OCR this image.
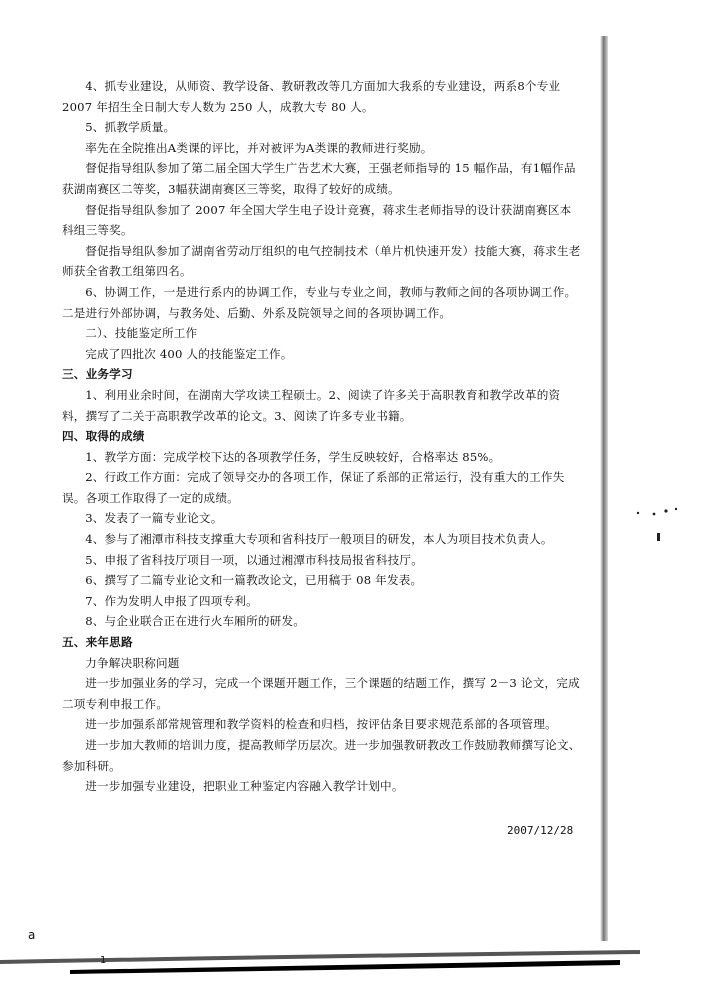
4、抓专业建设，从师资、教学设备、教研教改等几方面加大我系的专业建设，两系8个专业 2007 年招生全日制大专人数为 250 人，成教大专 80 人。

5、抓教学质量。

率先在全院推出A类课的评比，并对被评为A类课的教师进行奖励。

督促指导组队参加了第二届全国大学生广告艺术大赛，王强老师指导的 15 幅作品，有1幅作品获湖南赛区二等奖，3幅获湖南赛区三等奖，取得了较好的成绩。

督促指导组队参加了 2007 年全国大学生电子设计竞赛，蒋求生老师指导的设计获湖南赛区本科组三等奖。

督促指导组队参加了湖南省劳动厅组织的电气控制技术（单片机快速开发）技能大赛，蒋求生老师获全省教工组第四名。

6、协调工作，一是进行系内的协调工作，专业与专业之间，教师与教师之间的各项协调工作。二是进行外部协调，与教务处、后勤、外系及院领导之间的各项协调工作。

二）、技能鉴定所工作

完成了四批次 400 人的技能鉴定工作。

三、业务学习

1、利用业余时间，在湖南大学攻读工程硕士。2、阅读了许多关于高职教育和教学改革的资料，撰写了二关于高职教学改革的论文。3、阅读了许多专业书籍。

四、取得的成绩

1、教学方面：完成学校下达的各项教学任务，学生反映较好，合格率达 85%。

2、行政工作方面：完成了领导交办的各项工作，保证了系部的正常运行，没有重大的工作失误。各项工作取得了一定的成绩。

3、发表了一篇专业论文。

4、参与了湘潭市科技支撑重大专项和省科技厅一般项目的研发，本人为项目技术负责人。

5、申报了省科技厅项目一项，以通过湘潭市科技局报省科技厅。

6、撰写了二篇专业论文和一篇教改论文，已用稿于 08 年发表。

7、作为发明人申报了四项专利。

8、与企业联合正在进行火车厢所的研发。

五、来年思路

力争解决职称问题

进一步加强业务的学习，完成一个课题开题工作，三个课题的结题工作，撰写 2－3 论文，完成二项专利申报工作。

进一步加强系部常规管理和教学资料的检查和归档，按评估条目要求规范系部的各项管理。

进一步加大教师的培训力度，提高教师学历层次。进一步加强教研教改工作鼓励教师撰写论文、参加科研。

进一步加强专业建设，把职业工种鉴定内容融入教学计划中。

2007/12/28
a
1
